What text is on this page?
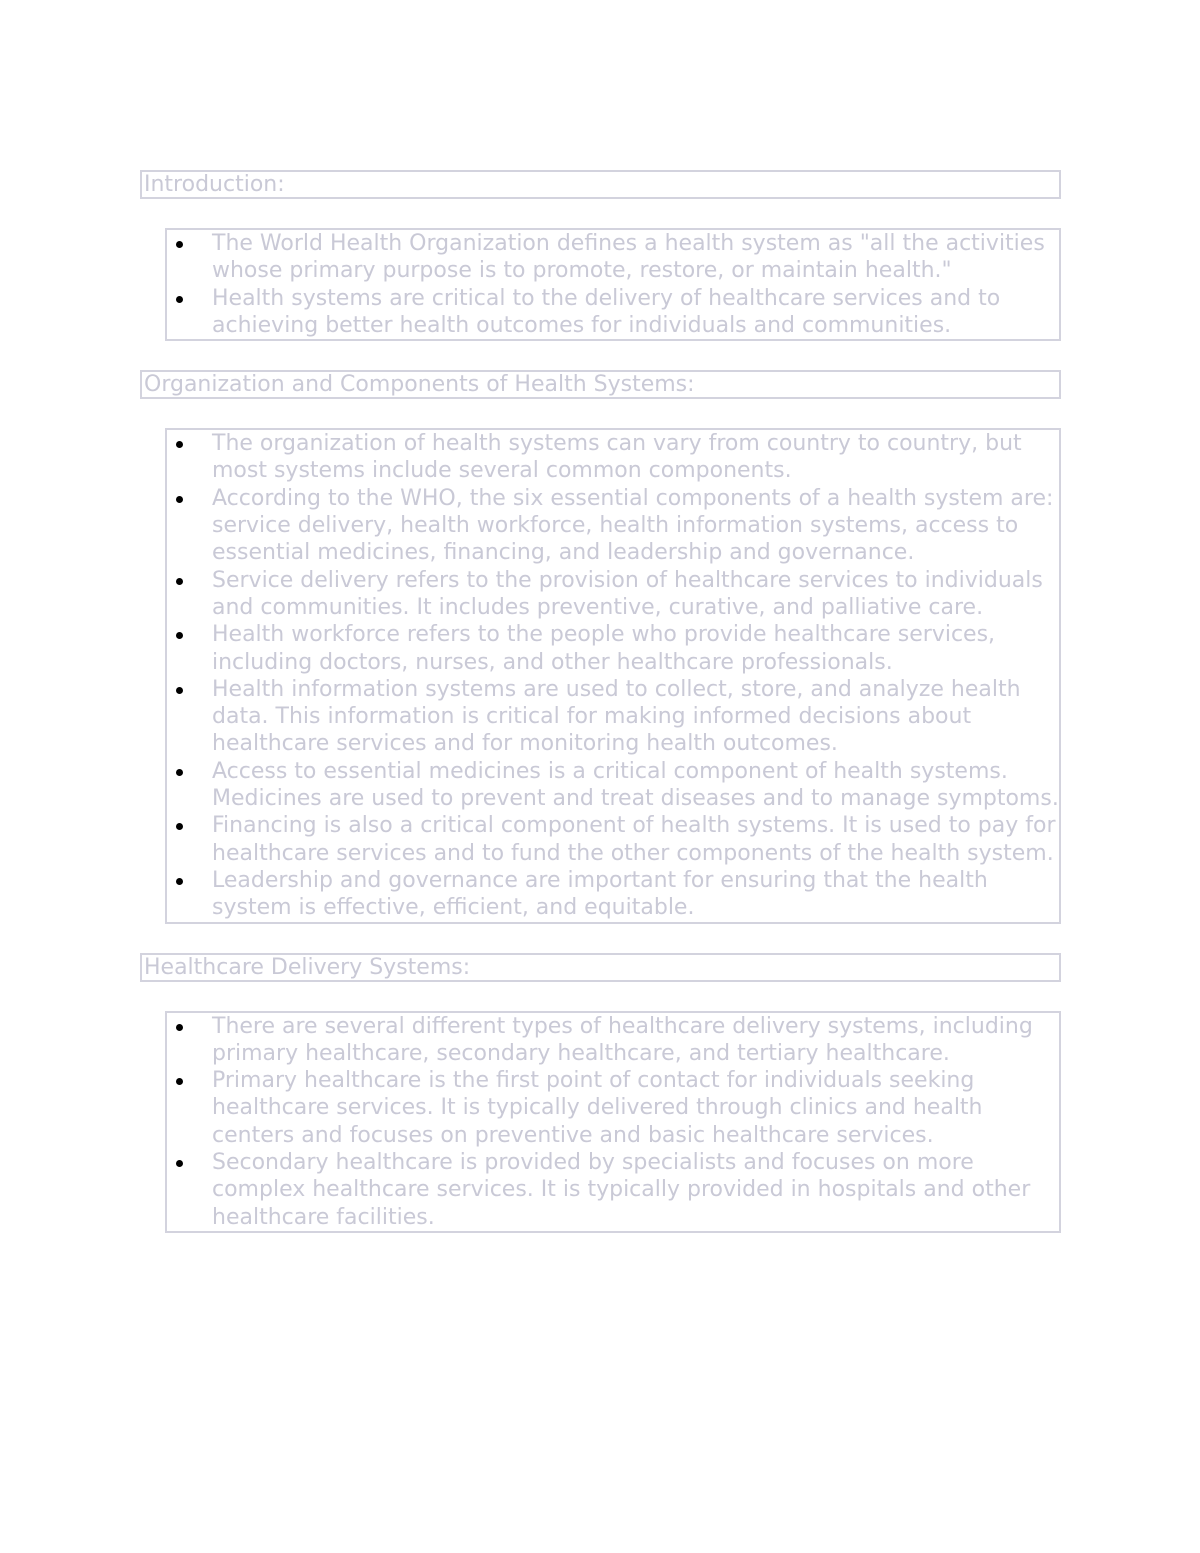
Introduction:
The World Health Organization defines a health system as "all the activities whose primary purpose is to promote, restore, or maintain health."
Health systems are critical to the delivery of healthcare services and to achieving better health outcomes for individuals and communities.
Organization and Components of Health Systems:
The organization of health systems can vary from country to country, but most systems include several common components.
According to the WHO, the six essential components of a health system are: service delivery, health workforce, health information systems, access to essential medicines, financing, and leadership and governance.
Service delivery refers to the provision of healthcare services to individuals and communities. It includes preventive, curative, and palliative care.
Health workforce refers to the people who provide healthcare services, including doctors, nurses, and other healthcare professionals.
Health information systems are used to collect, store, and analyze health data. This information is critical for making informed decisions about healthcare services and for monitoring health outcomes.
Access to essential medicines is a critical component of health systems. Medicines are used to prevent and treat diseases and to manage symptoms.
Financing is also a critical component of health systems. It is used to pay for healthcare services and to fund the other components of the health system.
Leadership and governance are important for ensuring that the health system is effective, efficient, and equitable.
Healthcare Delivery Systems:
There are several different types of healthcare delivery systems, including primary healthcare, secondary healthcare, and tertiary healthcare.
Primary healthcare is the first point of contact for individuals seeking healthcare services. It is typically delivered through clinics and health centers and focuses on preventive and basic healthcare services.
Secondary healthcare is provided by specialists and focuses on more complex healthcare services. It is typically provided in hospitals and other healthcare facilities.
